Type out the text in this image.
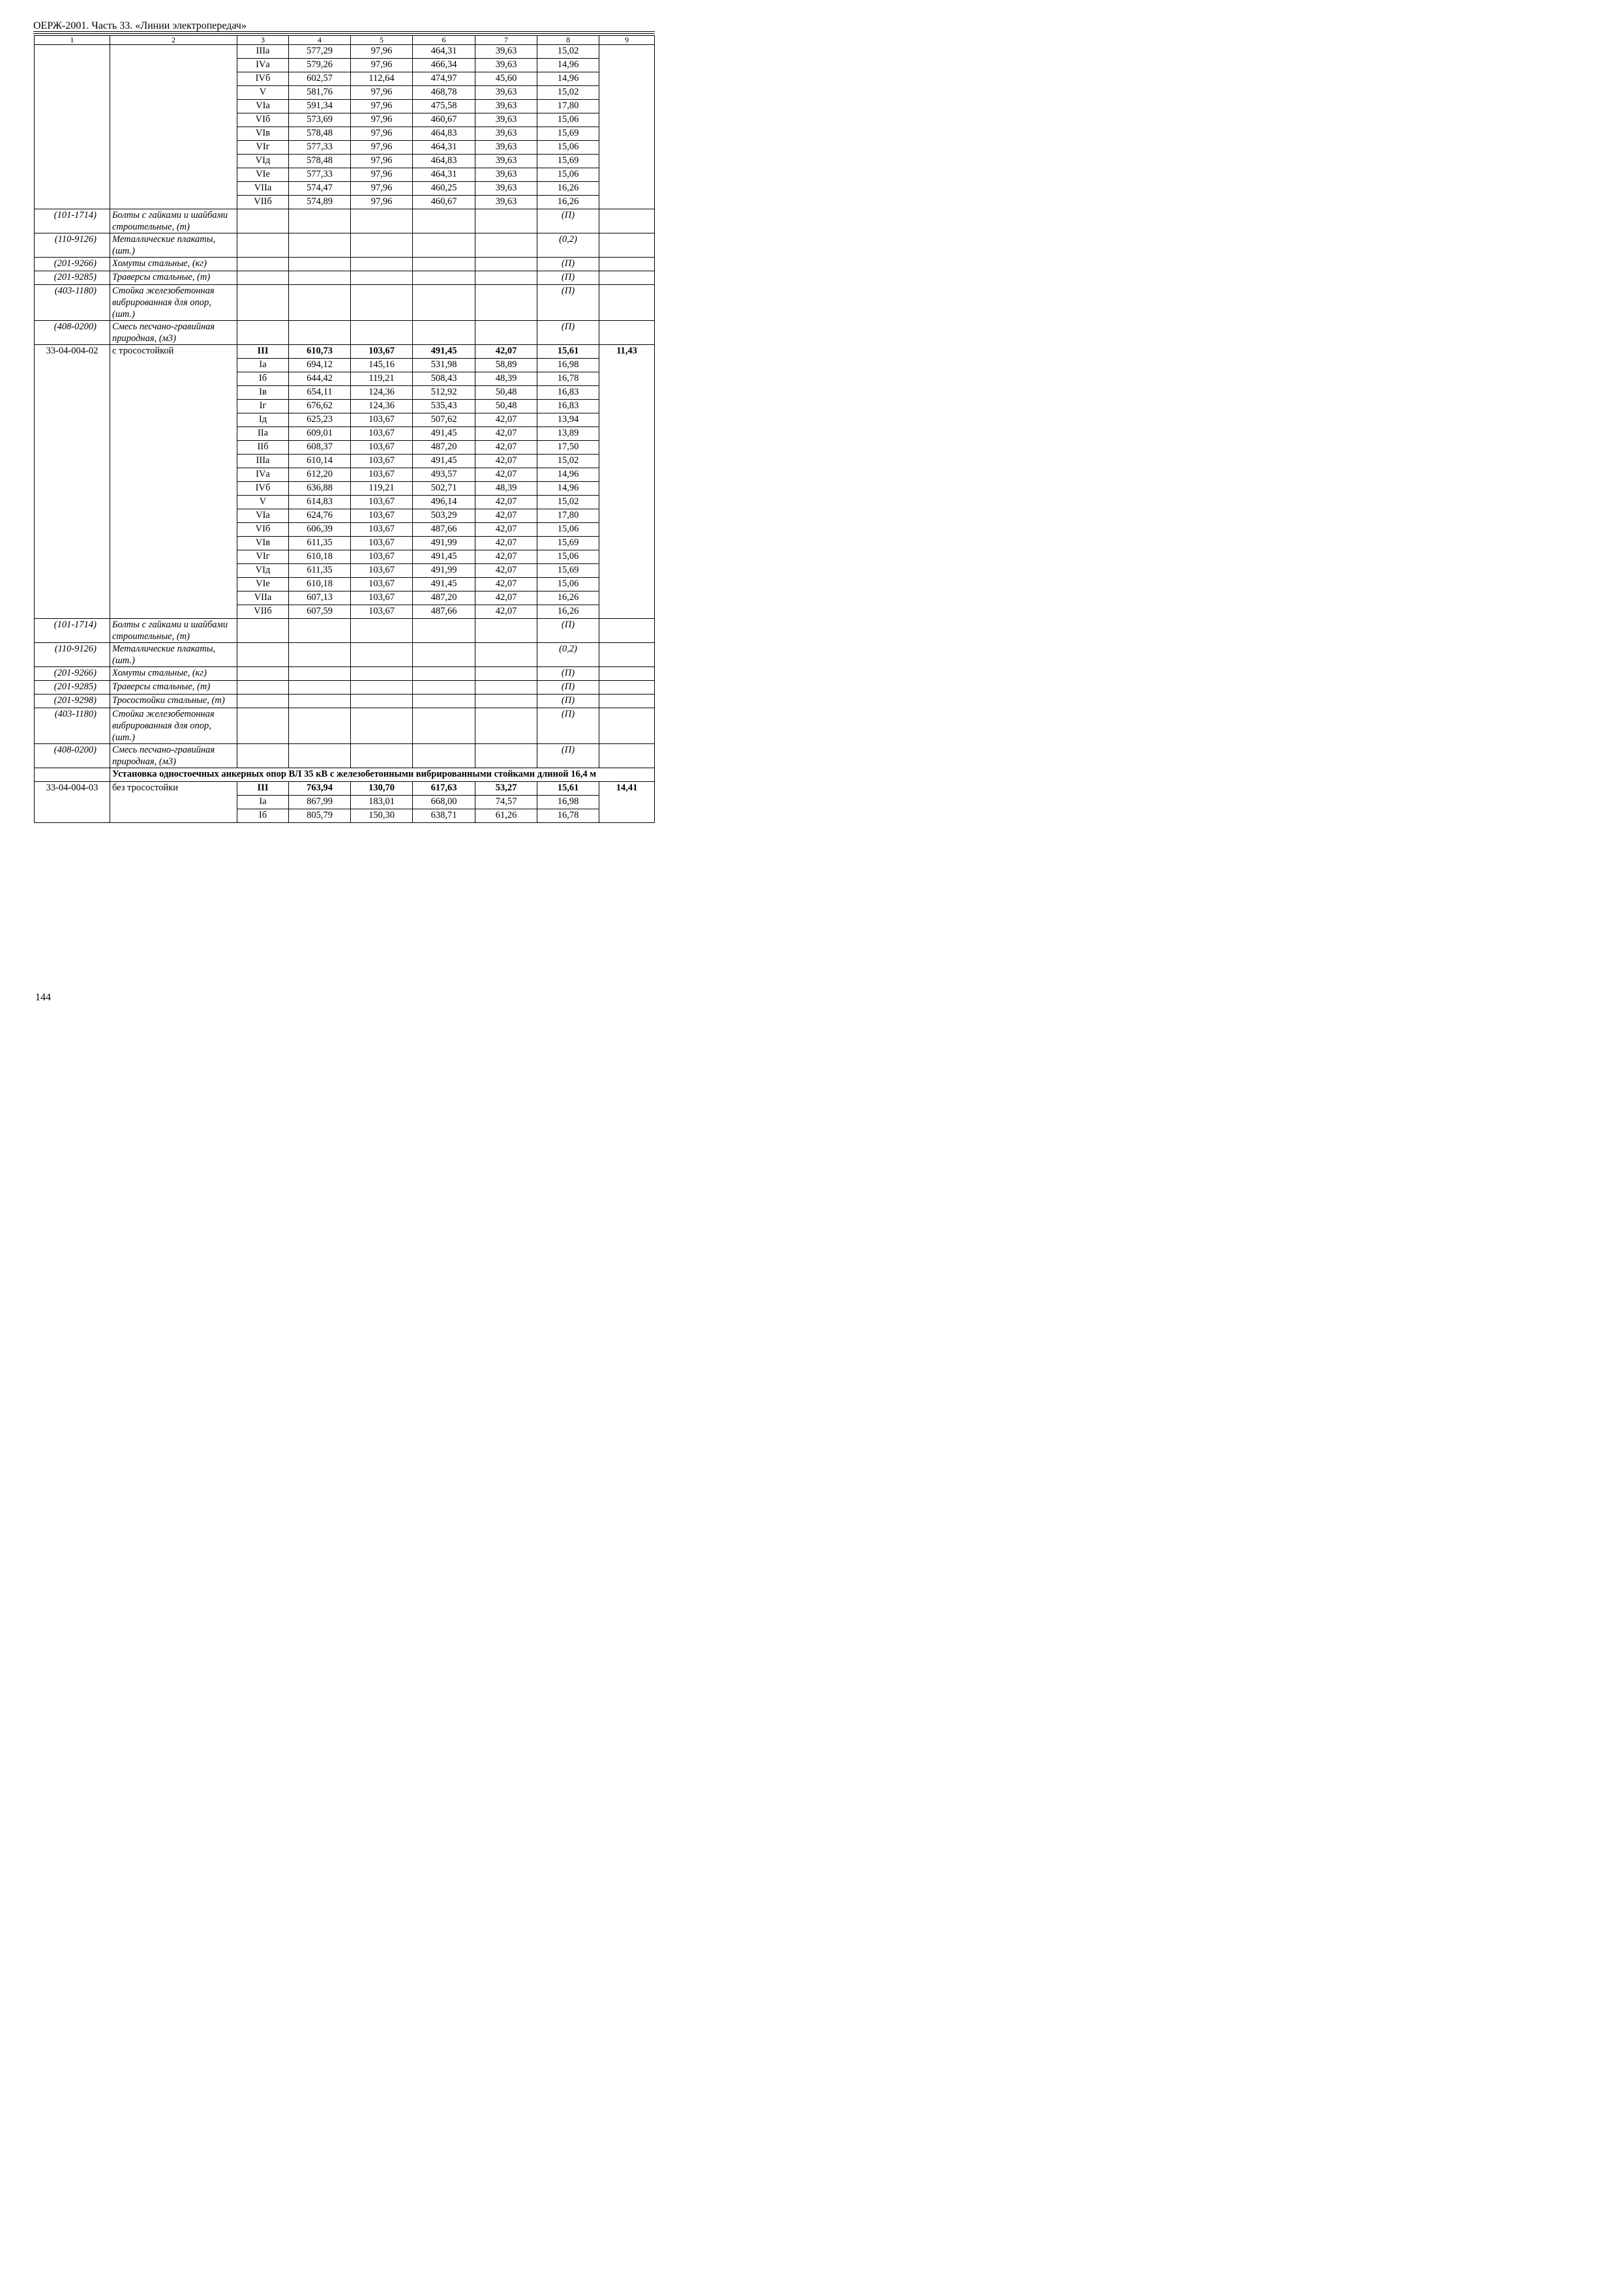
ОЕРЖ-2001. Часть 33. «Линии электропередач»
1	2	3	4	5	6	7	8	9
		IIIа	577,29	97,96	464,31	39,63	15,02	
		IVа	579,26	97,96	466,34	39,63	14,96	
		IVб	602,57	112,64	474,97	45,60	14,96	
		V	581,76	97,96	468,78	39,63	15,02	
		VIа	591,34	97,96	475,58	39,63	17,80	
		VIб	573,69	97,96	460,67	39,63	15,06	
		VIв	578,48	97,96	464,83	39,63	15,69	
		VIг	577,33	97,96	464,31	39,63	15,06	
		VIд	578,48	97,96	464,83	39,63	15,69	
		VIе	577,33	97,96	464,31	39,63	15,06	
		VIIа	574,47	97,96	460,25	39,63	16,26	
		VIIб	574,89	97,96	460,67	39,63	16,26	
(101-1714)	Болты с гайками и шайбами строительные, (т)						(П)	
(110-9126)	Металлические плакаты, (шт.)						(0,2)	
(201-9266)	Хомуты стальные, (кг)						(П)	
(201-9285)	Траверсы стальные, (т)						(П)	
(403-1180)	Стойка железобетонная вибрированная для опор, (шт.)						(П)	
(408-0200)	Смесь песчано-гравийная природная, (м3)						(П)	
33-04-004-02	с тросостойкой	III	610,73	103,67	491,45	42,07	15,61	11,43
		Iа	694,12	145,16	531,98	58,89	16,98	
		Iб	644,42	119,21	508,43	48,39	16,78	
		Iв	654,11	124,36	512,92	50,48	16,83	
		Iг	676,62	124,36	535,43	50,48	16,83	
		Iд	625,23	103,67	507,62	42,07	13,94	
		IIа	609,01	103,67	491,45	42,07	13,89	
		IIб	608,37	103,67	487,20	42,07	17,50	
		IIIа	610,14	103,67	491,45	42,07	15,02	
		IVа	612,20	103,67	493,57	42,07	14,96	
		IVб	636,88	119,21	502,71	48,39	14,96	
		V	614,83	103,67	496,14	42,07	15,02	
		VIа	624,76	103,67	503,29	42,07	17,80	
		VIб	606,39	103,67	487,66	42,07	15,06	
		VIв	611,35	103,67	491,99	42,07	15,69	
		VIг	610,18	103,67	491,45	42,07	15,06	
		VIд	611,35	103,67	491,99	42,07	15,69	
		VIе	610,18	103,67	491,45	42,07	15,06	
		VIIа	607,13	103,67	487,20	42,07	16,26	
		VIIб	607,59	103,67	487,66	42,07	16,26	
(101-1714)	Болты с гайками и шайбами строительные, (т)						(П)	
(110-9126)	Металлические плакаты, (шт.)						(0,2)	
(201-9266)	Хомуты стальные, (кг)						(П)	
(201-9285)	Траверсы стальные, (т)						(П)	
(201-9298)	Тросостойки стальные, (т)						(П)	
(403-1180)	Стойка железобетонная вибрированная для опор, (шт.)						(П)	
(408-0200)	Смесь песчано-гравийная природная, (м3)						(П)	
	Установка одностоечных анкерных опор ВЛ 35 кВ с железобетонными вибрированными стойками длиной 16,4 м							
33-04-004-03	без тросостойки	III	763,94	130,70	617,63	53,27	15,61	14,41
		Iа	867,99	183,01	668,00	74,57	16,98	
		Iб	805,79	150,30	638,71	61,26	16,78	
144
